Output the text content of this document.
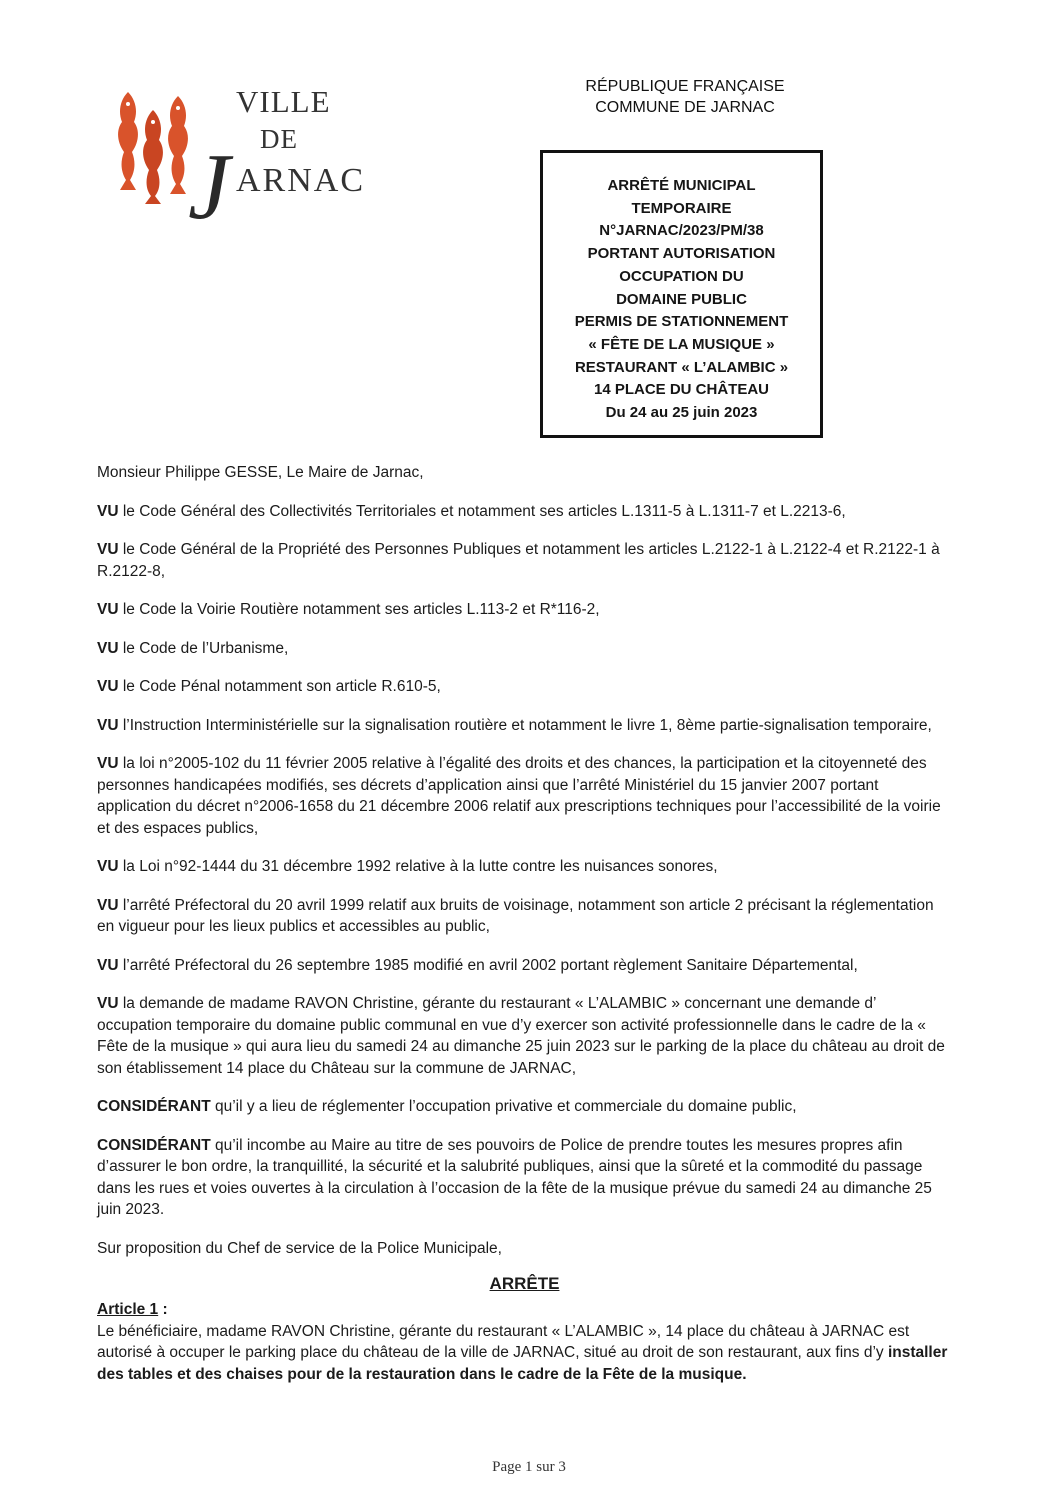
VILLE
DE
J ARNAC
RÉPUBLIQUE FRANÇAISE
COMMUNE DE JARNAC
ARRÊTÉ MUNICIPAL
TEMPORAIRE
N°JARNAC/2023/PM/38
PORTANT AUTORISATION
OCCUPATION DU
DOMAINE PUBLIC
PERMIS DE STATIONNEMENT
« FÊTE DE LA MUSIQUE »
RESTAURANT « L’ALAMBIC »
14 PLACE DU CHÂTEAU
Du 24 au 25 juin 2023

Monsieur Philippe GESSE, Le Maire de Jarnac,

VU le Code Général des Collectivités Territoriales et notamment ses articles L.1311-5 à L.1311-7 et L.2213-6,

VU le Code Général de la Propriété des Personnes Publiques et notamment les articles L.2122-1 à L.2122-4 et R.2122-1 à R.2122-8,

VU le Code la Voirie Routière notamment ses articles L.113-2 et R*116-2,

VU le Code de l’Urbanisme,

VU le Code Pénal notamment son article R.610-5,

VU l’Instruction Interministérielle sur la signalisation routière et notamment le livre 1, 8ème partie-signalisation temporaire,

VU la loi n°2005-102 du 11 février 2005 relative à l’égalité des droits et des chances, la participation et la citoyenneté des personnes handicapées modifiés, ses décrets d’application ainsi que l’arrêté Ministériel du 15 janvier 2007 portant application du décret n°2006-1658 du 21 décembre 2006 relatif aux prescriptions techniques pour l’accessibilité de la voirie et des espaces publics,

VU la Loi n°92-1444 du 31 décembre 1992 relative à la lutte contre les nuisances sonores,

VU l’arrêté Préfectoral du 20 avril 1999 relatif aux bruits de voisinage, notamment son article 2 précisant la réglementation en vigueur pour les lieux publics et accessibles au public,

VU l’arrêté Préfectoral du 26 septembre 1985 modifié en avril 2002 portant règlement Sanitaire Départemental,

VU la demande de madame RAVON Christine, gérante du restaurant « L’ALAMBIC » concernant une demande d’ occupation temporaire du domaine public communal en vue d’y exercer son activité professionnelle dans le cadre de la « Fête de la musique » qui aura lieu du samedi 24 au dimanche 25 juin 2023 sur le parking de la place du château au droit de son établissement 14 place du Château sur la commune de JARNAC,

CONSIDÉRANT qu’il y a lieu de réglementer l’occupation privative et commerciale du domaine public,

CONSIDÉRANT qu’il incombe au Maire au titre de ses pouvoirs de Police de prendre toutes les mesures propres afin d’assurer le bon ordre, la tranquillité, la sécurité et la salubrité publiques, ainsi que la sûreté et la commodité du passage dans les rues et voies ouvertes à la circulation à l’occasion de la fête de la musique prévue du samedi 24 au dimanche 25 juin 2023.

Sur proposition du Chef de service de la Police Municipale,

ARRÊTE
Article 1 :
Le bénéficiaire, madame RAVON Christine, gérante du restaurant « L’ALAMBIC », 14 place du château à JARNAC est autorisé à occuper le parking place du château de la ville de JARNAC, situé au droit de son restaurant, aux fins d’y installer des tables et des chaises pour de la restauration dans le cadre de la Fête de la musique.
Page 1 sur 3
